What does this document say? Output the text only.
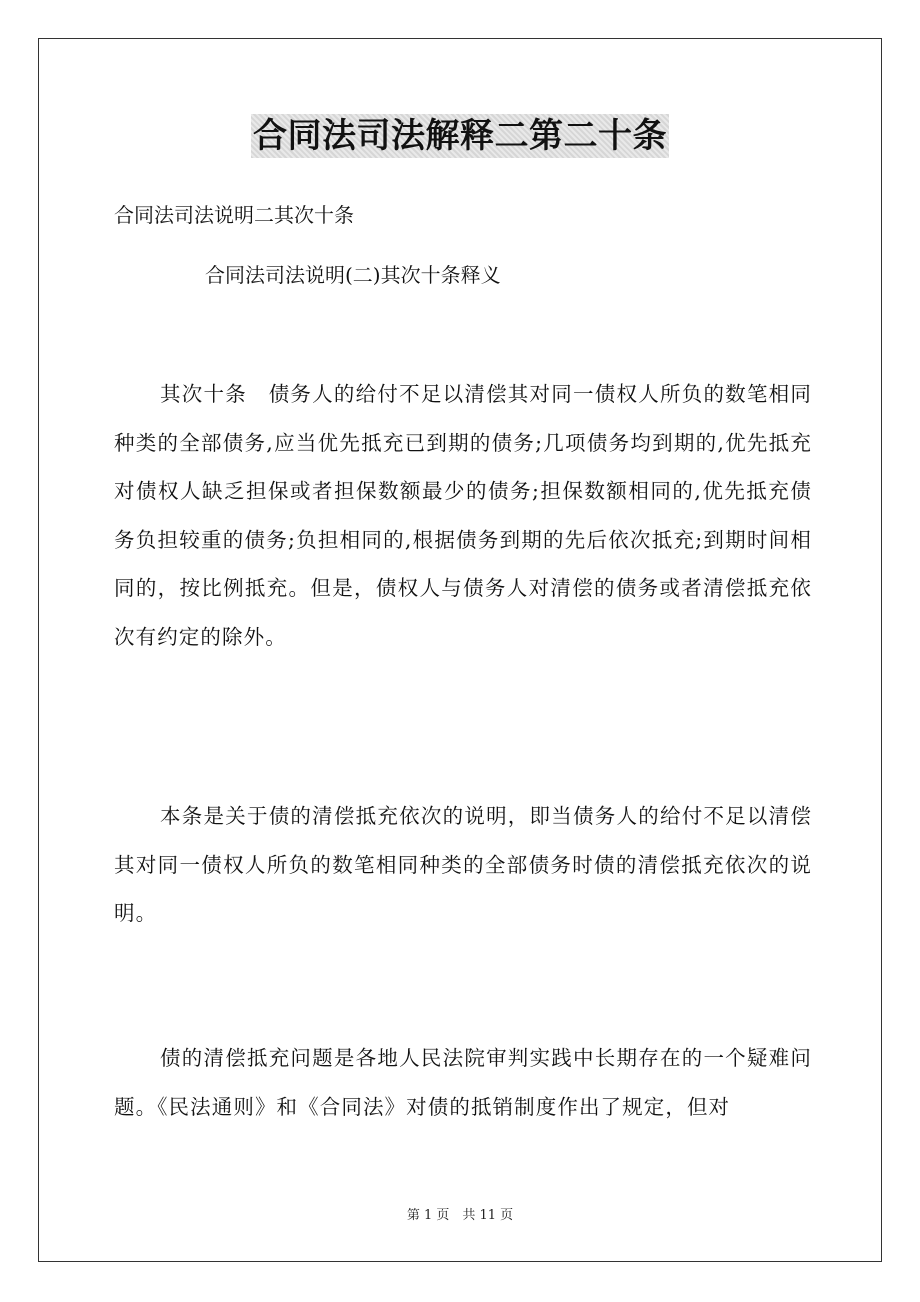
合同法司法解释二第二十条

合同法司法说明二其次十条

合同法司法说明(二)其次十条释义

其次十条　债务人的给付不足以清偿其对同一债权人所负的数笔相同种类的全部债务,应当优先抵充已到期的债务;几项债务均到期的,优先抵充对债权人缺乏担保或者担保数额最少的债务;担保数额相同的,优先抵充债务负担较重的债务;负担相同的,根据债务到期的先后依次抵充;到期时间相同的，按比例抵充。但是，债权人与债务人对清偿的债务或者清偿抵充依次有约定的除外。

本条是关于债的清偿抵充依次的说明，即当债务人的给付不足以清偿其对同一债权人所负的数笔相同种类的全部债务时债的清偿抵充依次的说明。

债的清偿抵充问题是各地人民法院审判实践中长期存在的一个疑难问题。《民法通则》和《合同法》对债的抵销制度作出了规定，但对

第 1 页　共 11 页
